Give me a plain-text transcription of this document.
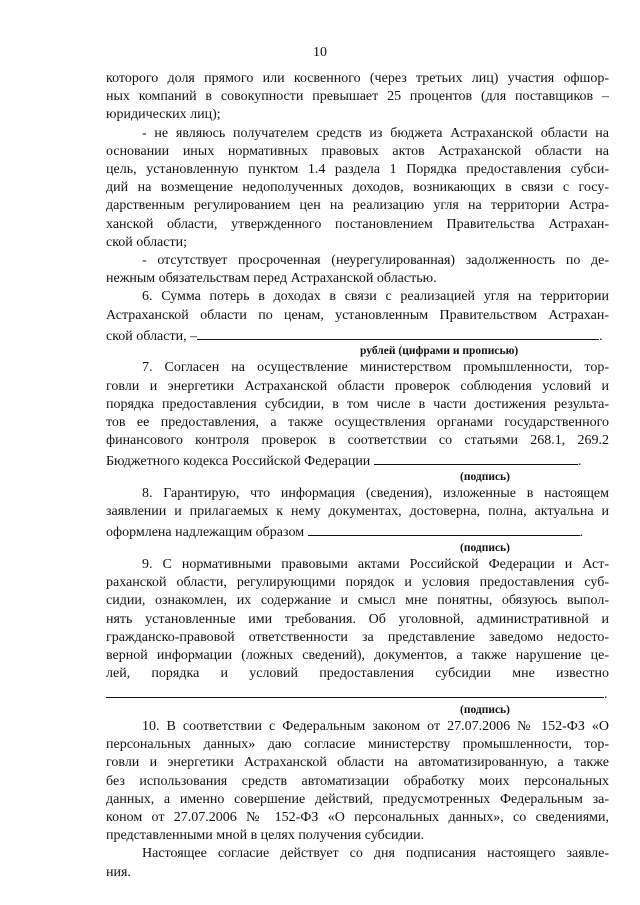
10
которого доля прямого или косвенного (через третьих лиц) участия офшор-
ных компаний в совокупности превышает 25 процентов (для поставщиков –
юридических лиц);
- не являюсь получателем средств из бюджета Астраханской области на
основании иных нормативных правовых актов Астраханской области на
цель, установленную пунктом 1.4 раздела 1 Порядка предоставления субси-
дий на возмещение недополученных доходов, возникающих в связи с госу-
дарственным регулированием цен на реализацию угля на территории Астра-
ханской области, утвержденного постановлением Правительства Астрахан-
ской области;
- отсутствует просроченная (неурегулированная) задолженность по де-
нежным обязательствам перед Астраханской областью.
6. Сумма потерь в доходах в связи с реализацией угля на территории
Астраханской области по ценам, установленным Правительством Астрахан-
ской области, –	.
рублей (цифрами и прописью)
7. Согласен на осуществление министерством промышленности, тор-
говли и энергетики Астраханской области проверок соблюдения условий и
порядка предоставления субсидии, в том числе в части достижения результа-
тов ее предоставления, а также осуществления органами государственного
финансового контроля проверок в соответствии со статьями 268.1, 269.2
Бюджетного кодекса Российской Федерации	.
(подпись)
8. Гарантирую, что информация (сведения), изложенные в настоящем
заявлении и прилагаемых к нему документах, достоверна, полна, актуальна и
оформлена надлежащим образом	.
(подпись)
9. С нормативными правовыми актами Российской Федерации и Аст-
раханской области, регулирующими порядок и условия предоставления суб-
сидии, ознакомлен, их содержание и смысл мне понятны, обязуюсь выпол-
нять установленные ими требования. Об уголовной, административной и
гражданско-правовой ответственности за представление заведомо недосто-
верной информации (ложных сведений), документов, а также нарушение це-
лей, порядка и условий предоставления субсидии мне известно
.
(подпись)
10. В соответствии с Федеральным законом от 27.07.2006 № 152-ФЗ «О
персональных данных» даю согласие министерству промышленности, тор-
говли и энергетики Астраханской области на автоматизированную, а также
без использования средств автоматизации обработку моих персональных
данных, а именно совершение действий, предусмотренных Федеральным за-
коном от 27.07.2006 № 152-ФЗ «О персональных данных», со сведениями,
представленными мной в целях получения субсидии.
Настоящее согласие действует со дня подписания настоящего заявле-
ния.
